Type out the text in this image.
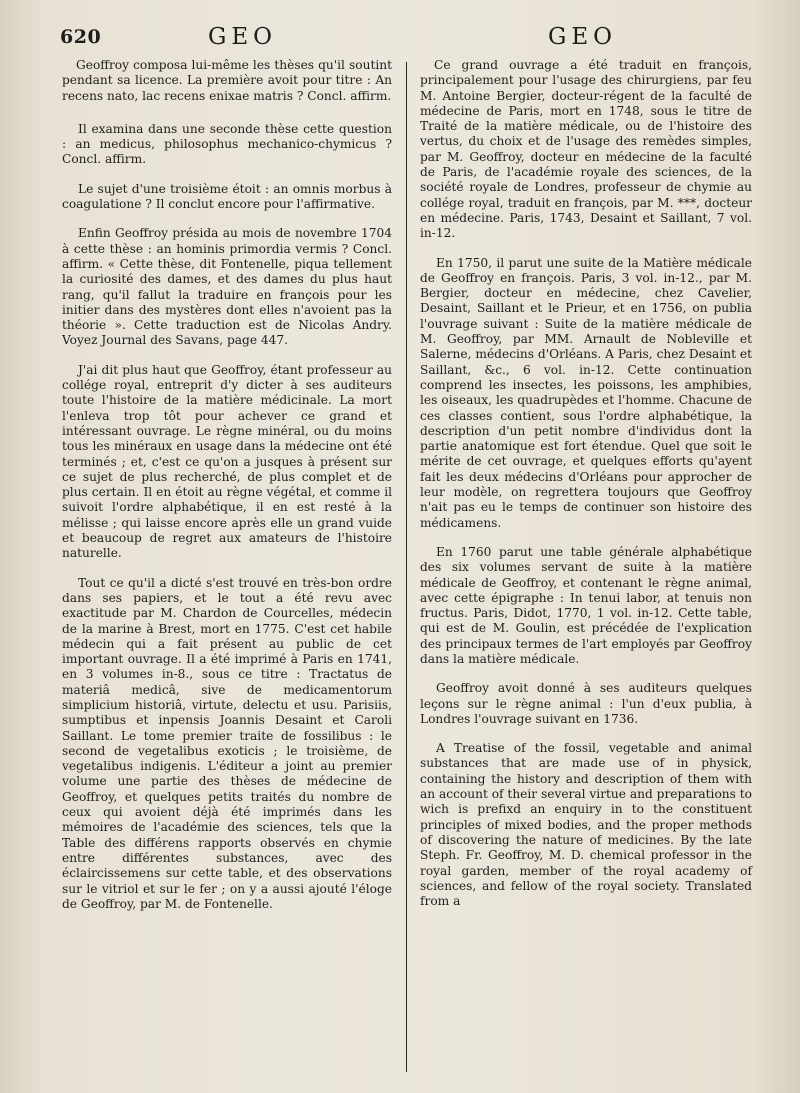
620	GEO	GEO

Geoffroy composa lui-même les thèses qu'il soutint pendant sa licence. La première avoit pour titre : An recens nato, lac recens enixae matris ? Concl. affirm.

Il examina dans une seconde thèse cette question : an medicus, philosophus mechanico-chymicus ? Concl. affirm.

Le sujet d'une troisième étoit : an omnis morbus à coagulatione ? Il conclut encore pour l'affirmative.

Enfin Geoffroy présida au mois de novembre 1704 à cette thèse : an hominis primordia vermis ? Concl. affirm. « Cette thèse, dit Fontenelle, piqua tellement la curiosité des dames, et des dames du plus haut rang, qu'il fallut la traduire en françois pour les initier dans des mystères dont elles n'avoient pas la théorie ». Cette traduction est de Nicolas Andry. Voyez Journal des Savans, page 447.

J'ai dit plus haut que Geoffroy, étant professeur au collége royal, entreprit d'y dicter à ses auditeurs toute l'histoire de la matière médicinale. La mort l'enleva trop tôt pour achever ce grand et intéressant ouvrage. Le règne minéral, ou du moins tous les minéraux en usage dans la médecine ont été terminés ; et, c'est ce qu'on a jusques à présent sur ce sujet de plus recherché, de plus complet et de plus certain. Il en étoit au règne végétal, et comme il suivoit l'ordre alphabétique, il en est resté à la mélisse ; qui laisse encore après elle un grand vuide et beaucoup de regret aux amateurs de l'histoire naturelle.

Tout ce qu'il a dicté s'est trouvé en très-bon ordre dans ses papiers, et le tout a été revu avec exactitude par M. Chardon de Courcelles, médecin de la marine à Brest, mort en 1775. C'est cet habile médecin qui a fait présent au public de cet important ouvrage. Il a été imprimé à Paris en 1741, en 3 volumes in-8., sous ce titre : Tractatus de materiâ medicâ, sive de medicamentorum simplicium historiâ, virtute, delectu et usu. Parisiis, sumptibus et inpensis Joannis Desaint et Caroli Saillant. Le tome premier traite de fossilibus : le second de vegetalibus exoticis ; le troisième, de vegetalibus indigenis. L'éditeur a joint au premier volume une partie des thèses de médecine de Geoffroy, et quelques petits traités du nombre de ceux qui avoient déjà été imprimés dans les mémoires de l'académie des sciences, tels que la Table des différens rapports observés en chymie entre différentes substances, avec des éclaircissemens sur cette table, et des observations sur le vitriol et sur le fer ; on y a aussi ajouté l'éloge de Geoffroy, par M. de Fontenelle.

Ce grand ouvrage a été traduit en françois, principalement pour l'usage des chirurgiens, par feu M. Antoine Bergier, docteur-régent de la faculté de médecine de Paris, mort en 1748, sous le titre de Traité de la matière médicale, ou de l'histoire des vertus, du choix et de l'usage des remèdes simples, par M. Geoffroy, docteur en médecine de la faculté de Paris, de l'académie royale des sciences, de la société royale de Londres, professeur de chymie au collége royal, traduit en françois, par M. ***, docteur en médecine. Paris, 1743, Desaint et Saillant, 7 vol. in-12.

En 1750, il parut une suite de la Matière médicale de Geoffroy en françois. Paris, 3 vol. in-12., par M. Bergier, docteur en médecine, chez Cavelier, Desaint, Saillant et le Prieur, et en 1756, on publia l'ouvrage suivant : Suite de la matière médicale de M. Geoffroy, par MM. Arnault de Nobleville et Salerne, médecins d'Orléans. A Paris, chez Desaint et Saillant, &c., 6 vol. in-12. Cette continuation comprend les insectes, les poissons, les amphibies, les oiseaux, les quadrupèdes et l'homme. Chacune de ces classes contient, sous l'ordre alphabétique, la description d'un petit nombre d'individus dont la partie anatomique est fort étendue. Quel que soit le mérite de cet ouvrage, et quelques efforts qu'ayent fait les deux médecins d'Orléans pour approcher de leur modèle, on regrettera toujours que Geoffroy n'ait pas eu le temps de continuer son histoire des médicamens.

En 1760 parut une table générale alphabétique des six volumes servant de suite à la matière médicale de Geoffroy, et contenant le règne animal, avec cette épigraphe : In tenui labor, at tenuis non fructus. Paris, Didot, 1770, 1 vol. in-12. Cette table, qui est de M. Goulin, est précédée de l'explication des principaux termes de l'art employés par Geoffroy dans la matière médicale.

Geoffroy avoit donné à ses auditeurs quelques leçons sur le règne animal : l'un d'eux publia, à Londres l'ouvrage suivant en 1736.

A Treatise of the fossil, vegetable and animal substances that are made use of in physick, containing the history and description of them with an account of their several virtue and preparations to wich is prefixd an enquiry in to the constituent principles of mixed bodies, and the proper methods of discovering the nature of medicines. By the late Steph. Fr. Geoffroy, M. D. chemical professor in the royal garden, member of the royal academy of sciences, and fellow of the royal society. Translated from a
